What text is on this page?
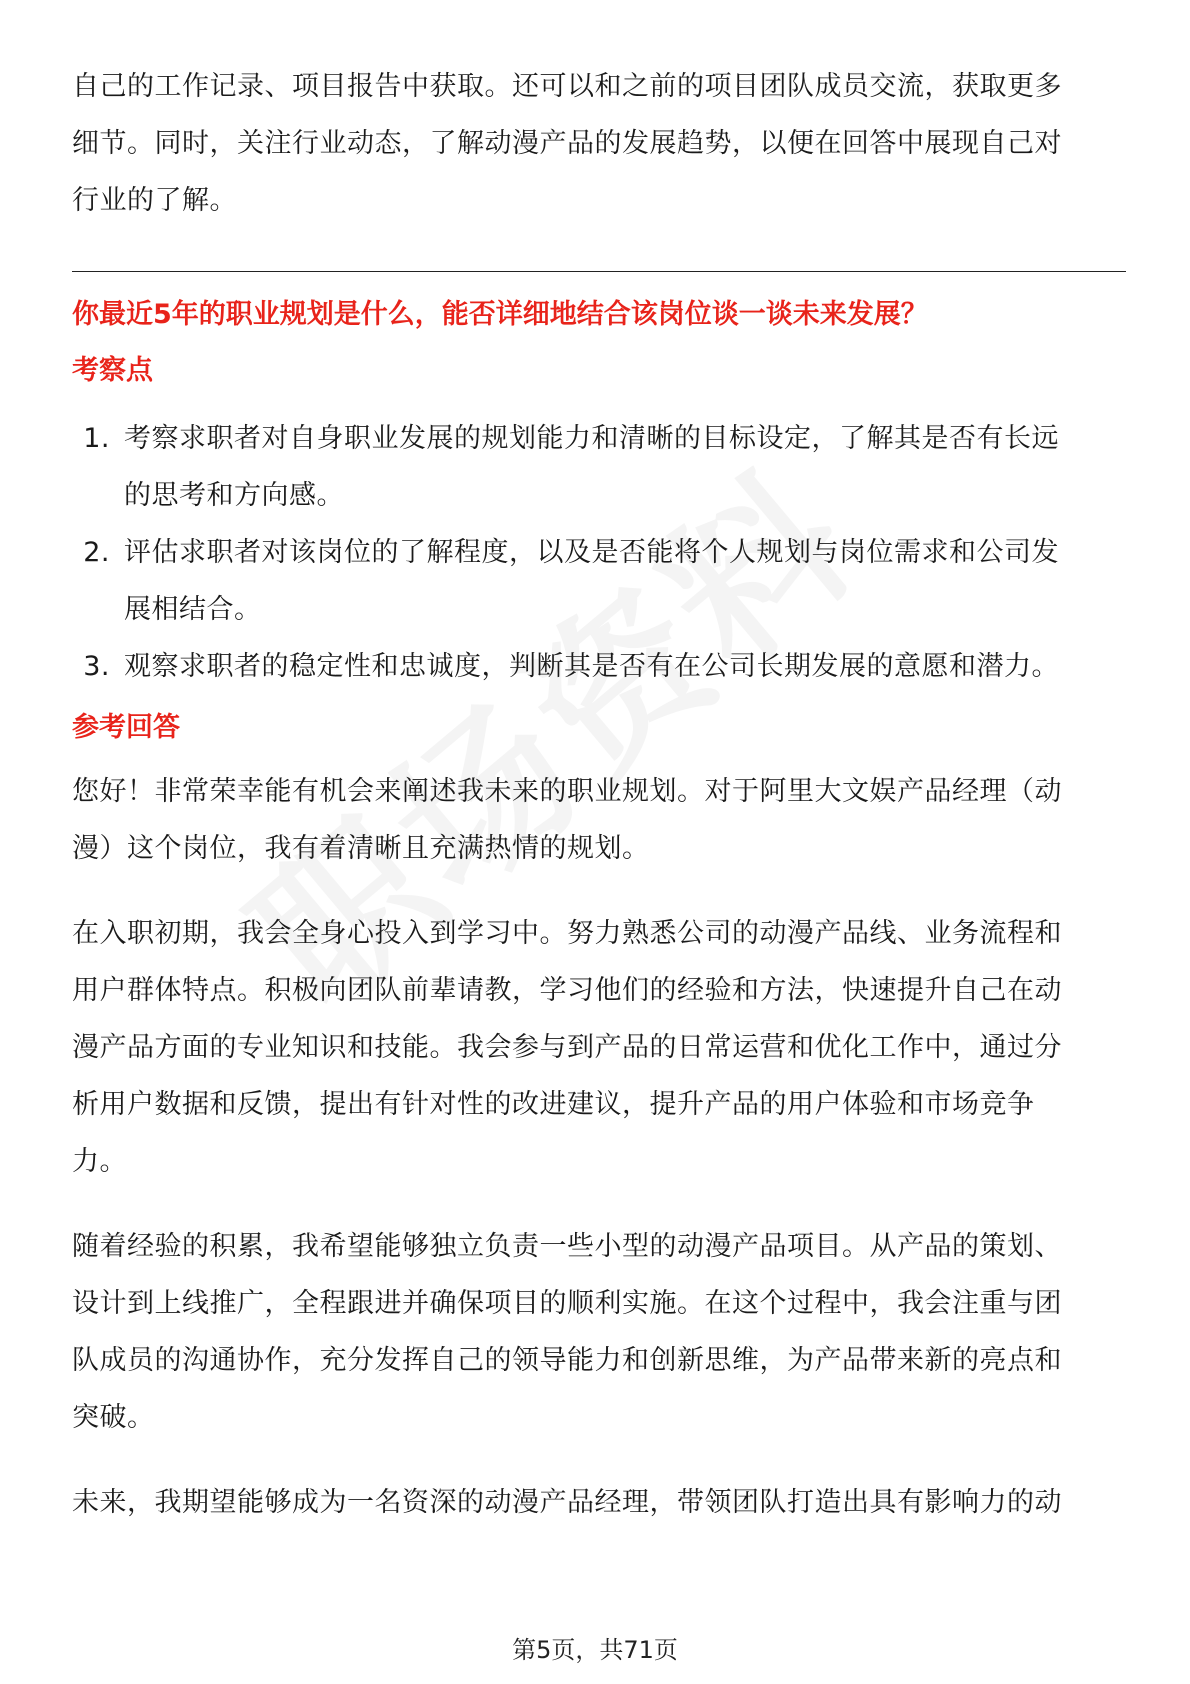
自己的工作记录、项目报告中获取。还可以和之前的项目团队成员交流，获取更多

细节。同时，关注行业动态，了解动漫产品的发展趋势，以便在回答中展现自己对

行业的了解。

你最近5年的职业规划是什么，能否详细地结合该岗位谈一谈未来发展？

考察点

1. 考察求职者对自身职业发展的规划能力和清晰的目标设定，了解其是否有长远
的思考和方向感。
2. 评估求职者对该岗位的了解程度，以及是否能将个人规划与岗位需求和公司发
展相结合。
3. 观察求职者的稳定性和忠诚度，判断其是否有在公司长期发展的意愿和潜力。

参考回答

您好！非常荣幸能有机会来阐述我未来的职业规划。对于阿里大文娱产品经理（动

漫）这个岗位，我有着清晰且充满热情的规划。

在入职初期，我会全身心投入到学习中。努力熟悉公司的动漫产品线、业务流程和

用户群体特点。积极向团队前辈请教，学习他们的经验和方法，快速提升自己在动

漫产品方面的专业知识和技能。我会参与到产品的日常运营和优化工作中，通过分

析用户数据和反馈，提出有针对性的改进建议，提升产品的用户体验和市场竞争

力。

随着经验的积累，我希望能够独立负责一些小型的动漫产品项目。从产品的策划、

设计到上线推广，全程跟进并确保项目的顺利实施。在这个过程中，我会注重与团

队成员的沟通协作，充分发挥自己的领导能力和创新思维，为产品带来新的亮点和

突破。

未来，我期望能够成为一名资深的动漫产品经理，带领团队打造出具有影响力的动

第5页，共71页
